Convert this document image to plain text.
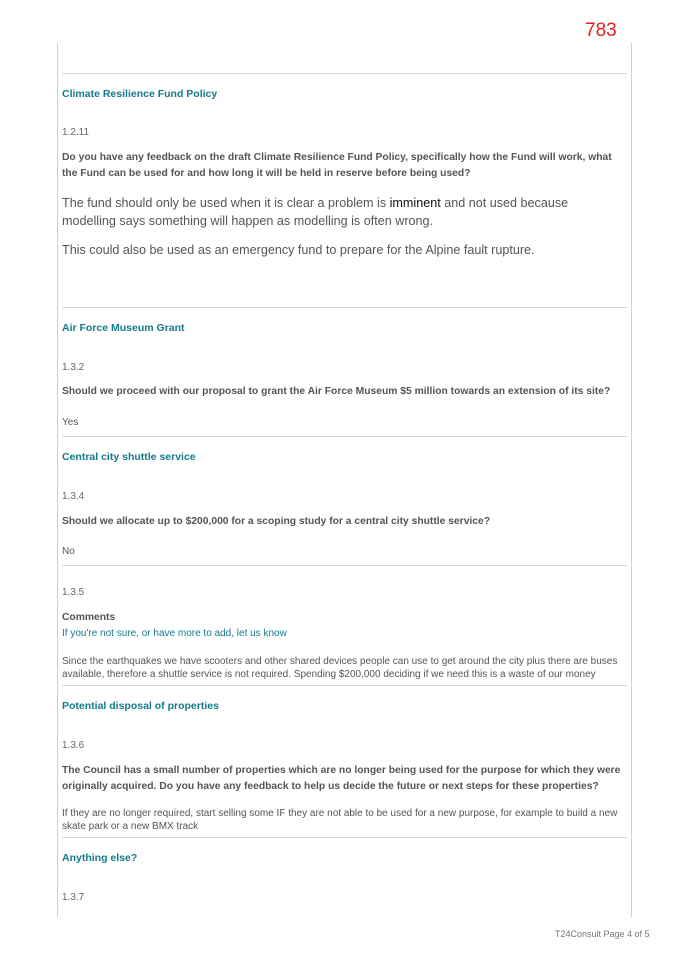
783
Climate Resilience Fund Policy
1.2.11
Do you have any feedback on the draft Climate Resilience Fund Policy, specifically how the Fund will work, what the Fund can be used for and how long it will be held in reserve before being used?
The fund should only be used when it is clear a problem is imminent and not used because modelling says something will happen as modelling is often wrong.
This could also be used as an emergency fund to prepare for the Alpine fault rupture.
Air Force Museum Grant
1.3.2
Should we proceed with our proposal to grant the Air Force Museum $5 million towards an extension of its site?
Yes
Central city shuttle service
1.3.4
Should we allocate up to $200,000 for a scoping study for a central city shuttle service?
No
1.3.5
Comments
If you're not sure, or have more to add, let us know
Since the earthquakes we have scooters and other shared devices people can use to get around the city plus there are buses available, therefore a shuttle service is not required. Spending $200,000 deciding if we need this is a waste of our money
Potential disposal of properties
1.3.6
The Council has a small number of properties which are no longer being used for the purpose for which they were originally acquired. Do you have any feedback to help us decide the future or next steps for these properties?
If they are no longer required, start selling some IF they are not able to be used for a new purpose, for example to build a new skate park or a new BMX track
Anything else?
1.3.7
T24Consult Page 4 of 5
